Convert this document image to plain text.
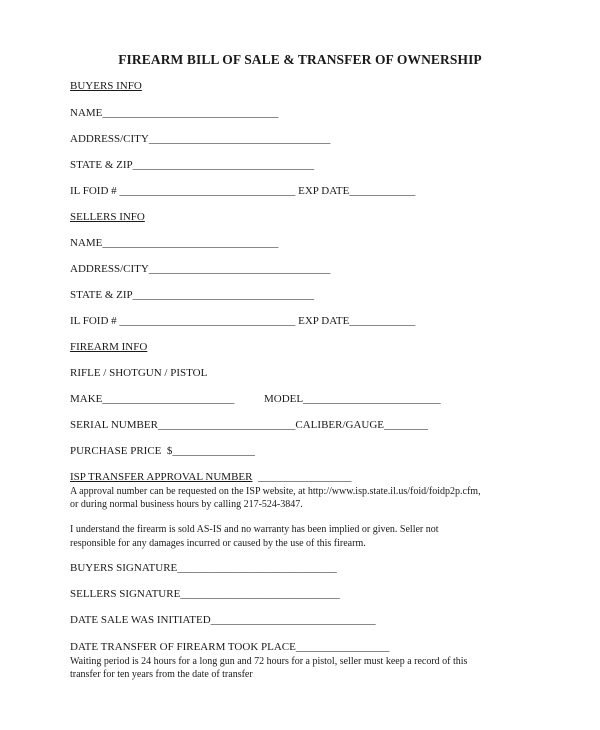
FIREARM BILL OF SALE & TRANSFER OF OWNERSHIP

BUYERS INFO

NAME________________________________

ADDRESS/CITY_________________________________

STATE & ZIP_________________________________

IL FOID # ________________________________ EXP DATE____________

SELLERS INFO

NAME________________________________

ADDRESS/CITY_________________________________

STATE & ZIP_________________________________

IL FOID # ________________________________ EXP DATE____________

FIREARM INFO

RIFLE / SHOTGUN / PISTOL

MAKE________________________	MODEL_________________________

SERIAL NUMBER_________________________CALIBER/GAUGE________

PURCHASE PRICE  $_______________

ISP TRANSFER APPROVAL NUMBER  _________________

A approval number can be requested on the ISP website, at http://www.isp.state.il.us/foid/foidp2p.cfm,

or during normal business hours by calling 217-524-3847.

I understand the firearm is sold AS-IS and no warranty has been implied or given. Seller not

responsible for any damages incurred or caused by the use of this firearm.

BUYERS SIGNATURE_____________________________

SELLERS SIGNATURE_____________________________

DATE SALE WAS INITIATED______________________________

DATE TRANSFER OF FIREARM TOOK PLACE_________________

Waiting period is 24 hours for a long gun and 72 hours for a pistol, seller must keep a record of this

transfer for ten years from the date of transfer
